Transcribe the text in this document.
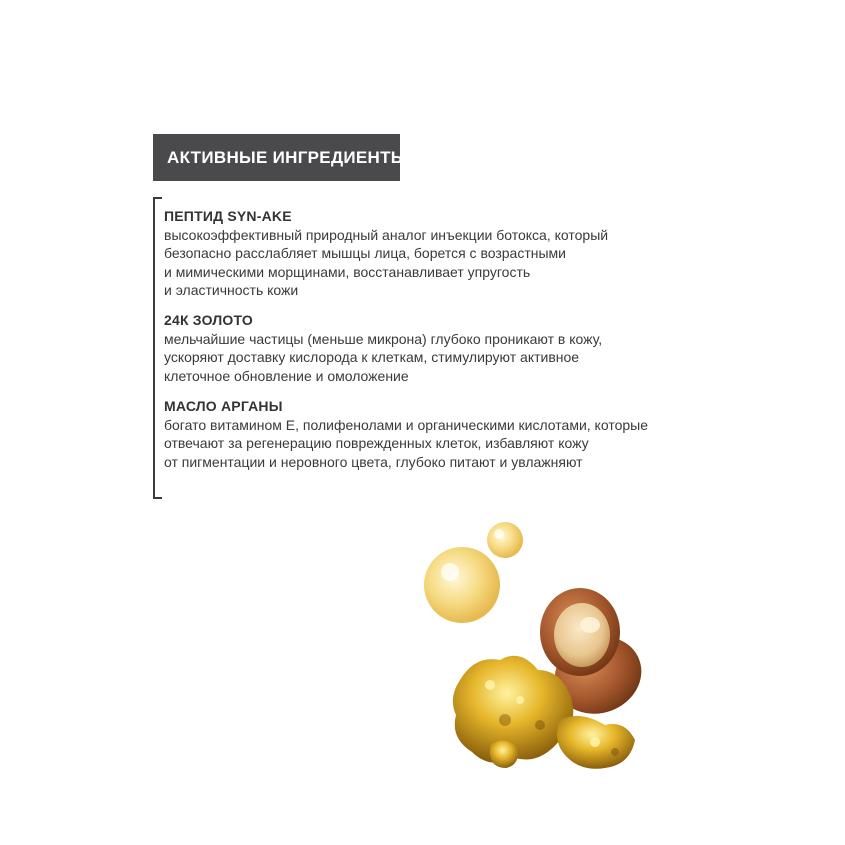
АКТИВНЫЕ ИНГРЕДИЕНТЫ
ПЕПТИД SYN-AKE
высокоэффективный природный аналог инъекции ботокса, который
безопасно расслабляет мышцы лица, борется с возрастными
и мимическими морщинами, восстанавливает упругость
и эластичность кожи
24К ЗОЛОТО
мельчайшие частицы (меньше микрона) глубоко проникают в кожу,
ускоряют доставку кислорода к клеткам, стимулируют активное
клеточное обновление и омоложение
МАСЛО АРГАНЫ
богато витамином Е, полифенолами и органическими кислотами, которые
отвечают за регенерацию поврежденных клеток, избавляют кожу
от пигментации и неровного цвета, глубоко питают и увлажняют
